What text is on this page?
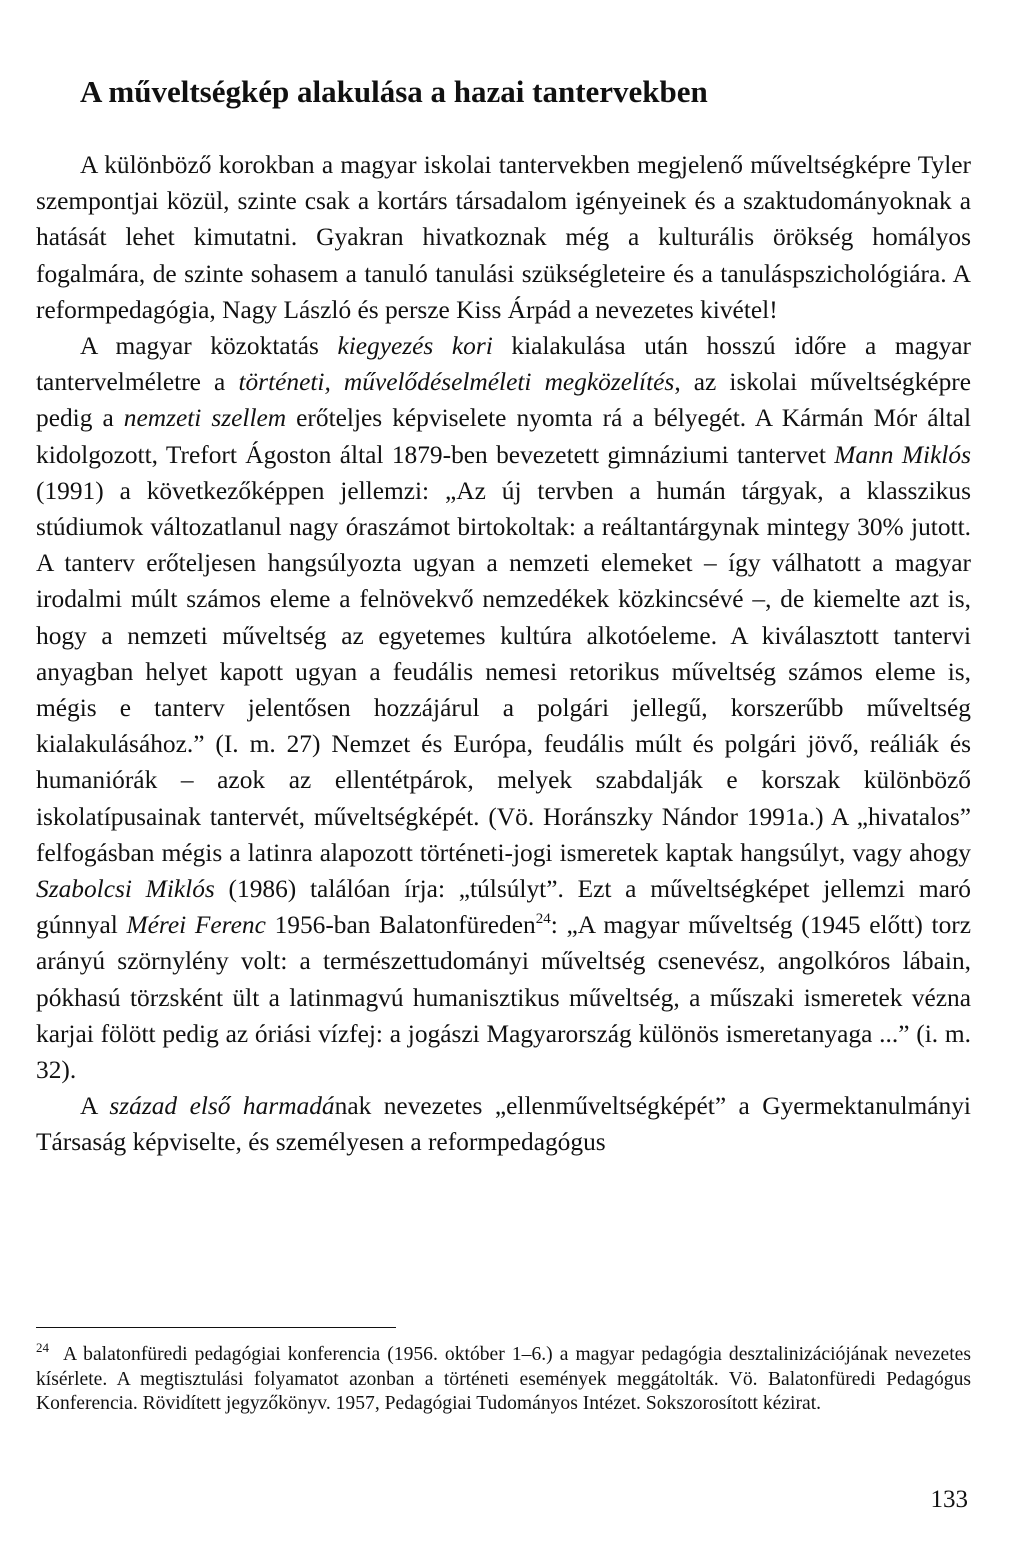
A műveltségkép alakulása a hazai tantervekben

A különböző korokban a magyar iskolai tantervekben megjelenő műveltségképre Tyler szempontjai közül, szinte csak a kortárs társadalom igényeinek és a szaktudományoknak a hatását lehet kimutatni. Gyakran hivatkoznak még a kulturális örökség homályos fogalmára, de szinte sohasem a tanuló tanulási szükségleteire és a tanuláspszichológiára. A reformpedagógia, Nagy László és persze Kiss Árpád a nevezetes kivétel!

A magyar közoktatás kiegyezés kori kialakulása után hosszú időre a magyar tantervelméletre a történeti, művelődéselméleti megközelítés, az iskolai műveltségképre pedig a nemzeti szellem erőteljes képviselete nyomta rá a bélyegét. A Kármán Mór által kidolgozott, Trefort Ágoston által 1879-ben bevezetett gimnáziumi tantervet Mann Miklós (1991) a következőképpen jellemzi: „Az új tervben a humán tárgyak, a klasszikus stúdiumok változatlanul nagy óraszámot birtokoltak: a reáltantárgynak mintegy 30% jutott. A tanterv erőteljesen hangsúlyozta ugyan a nemzeti elemeket – így válhatott a magyar irodalmi múlt számos eleme a felnövekvő nemzedékek közkincsévé –, de kiemelte azt is, hogy a nemzeti műveltség az egyetemes kultúra alkotóeleme. A kiválasztott tantervi anyagban helyet kapott ugyan a feudális nemesi retorikus műveltség számos eleme is, mégis e tanterv jelentősen hozzájárul a polgári jellegű, korszerűbb műveltség kialakulásához.” (I. m. 27) Nemzet és Európa, feudális múlt és polgári jövő, reáliák és humaniórák – azok az ellentétpárok, melyek szabdalják e korszak különböző iskolatípusainak tantervét, műveltségképét. (Vö. Horánszky Nándor 1991a.) A „hivatalos” felfogásban mégis a latinra alapozott történeti-jogi ismeretek kaptak hangsúlyt, vagy ahogy Szabolcsi Miklós (1986) találóan írja: „túlsúlyt”. Ezt a műveltségképet jellemzi maró gúnnyal Mérei Ferenc 1956-ban Balatonfüreden$^{24}$: „A magyar műveltség (1945 előtt) torz arányú szörnylény volt: a természettudományi műveltség csenevész, angolkóros lábain, pókhasú törzsként ült a latinmagvú humanisztikus műveltség, a műszaki ismeretek vézna karjai fölött pedig az óriási vízfej: a jogászi Magyarország különös ismeretanyaga ...” (i. m. 32).

A század első harmadának nevezetes „ellenműveltségképét” a Gyermektanulmányi Társaság képviselte, és személyesen a reformpedagógus

$^{24}$ A balatonfüredi pedagógiai konferencia (1956. október 1–6.) a magyar pedagógia desztalinizációjának nevezetes kísérlete. A megtisztulási folyamatot azonban a történeti események meggátolták. Vö. Balatonfüredi Pedagógus Konferencia. Rövidített jegyzőkönyv. 1957, Pedagógiai Tudományos Intézet. Sokszorosított kézirat.
133
